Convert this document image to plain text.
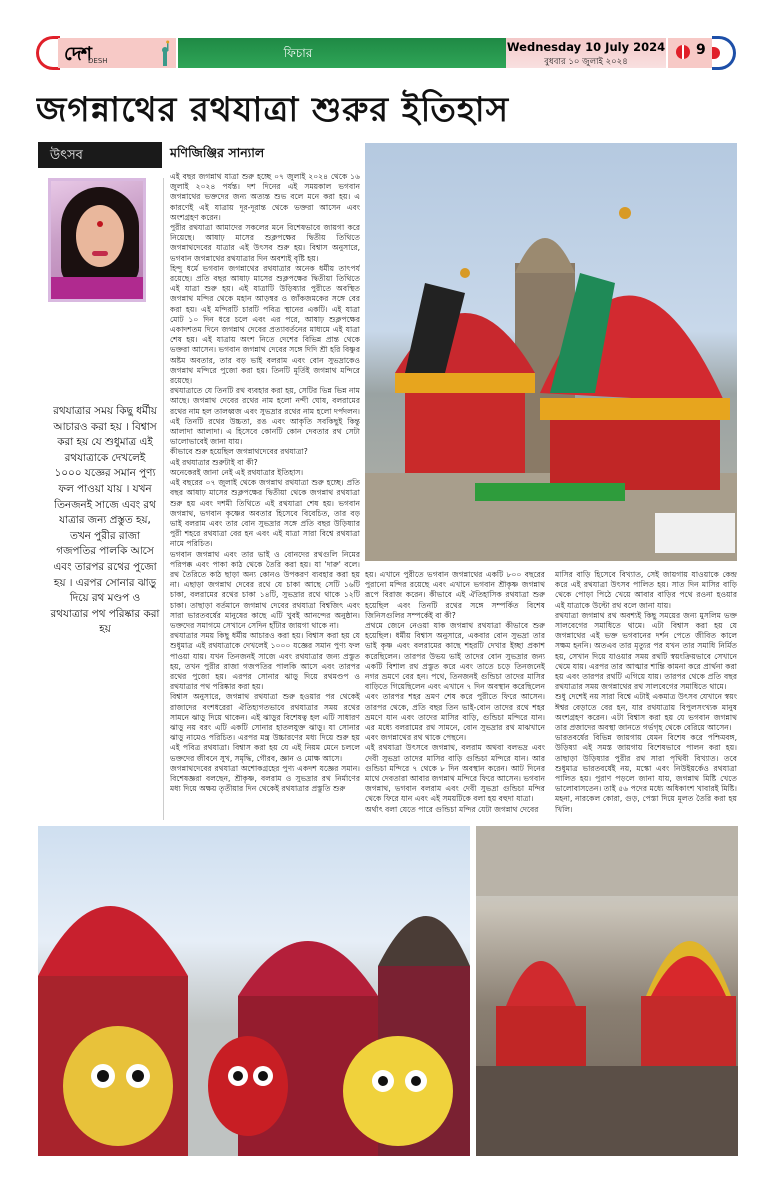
দেশ
DESH
ফিচার	Wednesday 10 July 2024
বুধবার ১০ জুলাই ২০২৪
9
জগন্নাথের রথযাত্রা শুরুর ইতিহাস
উৎসব	মণিজিঞ্জির সান্যাল
রথযাত্রার সময় কিছু ধর্মীয় আচারও করা হয় । বিশ্বাস করা হয় যে শুধুমাত্র এই রথযাত্রাকে দেখলেই ১০০০ যজ্ঞের সমান পুণ্য ফল পাওয়া যায় । যখন তিনজনই সাজে এবং রথ যাত্রার জন্য প্রস্তুত হয়, তখন পুরীর রাজা গজপতির পালকি আসে এবং তারপর রথের পুজো হয় । এরপর সোনার ঝাড়ু দিয়ে রথ মণ্ডপ ও রথযাত্রার পথ পরিষ্কার করা হয়

এই বছর জগন্নাথ যাত্রা শুরু হচ্ছে ০৭ জুলাই ২০২৪ থেকে ১৬ জুলাই ২০২৪ পর্যন্ত। দশ দিনের এই সময়কাল ভগবান জগন্নাথের ভক্তদের জন্য অত্যন্ত শুভ বলে মনে করা হয়। এ কারণেই এই যাত্রায় দূর-দূরান্ত থেকে ভক্তরা আসেন এবং অংশগ্রহণ করেন।

পুরীর রথযাত্রা আমাদের সকলের মনে বিশেষভাবে জায়গা করে নিয়েছে। আষাঢ় মাসের শুক্লপক্ষের দ্বিতীয় তিথিতে জগন্নাথদেবের যাত্রার এই উৎসব শুরু হয়। বিশ্বাস অনুসারে, ভগবান জগন্নাথের রথযাত্রার দিন অবশ্যই বৃষ্টি হয়।

হিন্দু ধর্মে ভগবান জগন্নাথের রথযাত্রার অনেক ধর্মীয় তাৎপর্য রয়েছে। প্রতি বছর আষাঢ় মাসের শুক্লপক্ষের দ্বিতীয়া তিথিতে এই যাত্রা শুরু হয়। এই যাত্রাটি উড়িষ্যার পুরীতে অবস্থিত জগন্নাথ মন্দির থেকে মহান আড়ম্বর ও জাঁকজমকের সঙ্গে বের করা হয়। এই মন্দিরটি চারটি পবিত্র স্থানের একটি। এই যাত্রা মোট ১০ দিন ধরে চলে এবং এর পরে, আষাঢ় শুক্লপক্ষের একাদশতম দিনে জগন্নাথ দেবের প্রত্যাবর্তনের মাধ্যমে এই যাত্রা শেষ হয়। এই যাত্রায় অংশ নিতে দেশের বিভিন্ন প্রান্ত থেকে ভক্তরা আসেন। ভগবান জগন্নাথ দেবের সঙ্গে দিদি শ্রী হরি বিষ্ণুর অষ্টম অবতার, তার বড় ভাই বলরাম এবং বোন সুভদ্রাকেও জগন্নাথ মন্দিরে পুজো করা হয়। তিনটি মূর্তিই জগন্নাথ মন্দিরে রয়েছে।

রথযাত্রাতে যে তিনটি রথ ব্যবহার করা হয়, সেটির ভিন্ন ভিন্ন নাম আছে। জগন্নাথ দেবের রথের নাম হলো নন্দী ঘোষ, বলরামের রথের নাম হল তালধ্বজ এবং সুভদ্রার রথের নাম হলো দর্পদলন। এই তিনটি রথের উচ্চতা, রঙ এবং আকৃতি সবকিছুই কিন্তু আলাদা আলাদা। এ হিসেবে কোনটি কোন দেবতার রথ সেটা ভালোভাবেই জানা যায়।

কীভাবে শুরু হয়েছিল জগন্নাথদেবের রথযাত্রা?

এই রথযাত্রার শুরুটাই বা কী?

অনেকেরই জানা নেই এই রথযাত্রার ইতিহাস।

এই বছরের ০৭ জুলাই থেকে জগন্নাথ রথযাত্রা শুরু হচ্ছে। প্রতি বছর আষাঢ় মাসের শুক্লপক্ষের দ্বিতীয়া থেকে জগন্নাথ রথযাত্রা শুরু হয় এবং দশমী তিথিতে এই রথযাত্রা শেষ হয়। ভগবান জগন্নাথ, ভগবান কৃষ্ণের অবতার হিসেবে বিবেচিত, তার বড় ভাই বলরাম এবং তার বোন সুভদ্রার সঙ্গে প্রতি বছর উড়িষ্যার পুরী শহরে রথযাত্রা বের হন এবং এই যাত্রা সারা বিশ্বে রথযাত্রা নামে পরিচিত।

ভগবান জগন্নাথ এবং তার ভাই ও বোনদের রথগুলি নিমের পরিপক্ক এবং পাকা কাঠ থেকে তৈরি করা হয়। যা 'দারু' বলে। রথ তৈরিতে কাঠ ছাড়া অন্য কোনও উপকরণ ব্যবহার করা হয় না। এছাড়া জগন্নাথ দেবের রথে যে চাকা আছে সেটি ১৬টি চাকা, বলরামের রথের চাকা ১৪টি, সুভদ্রার রথে থাকে ১২টি চাকা। তাছাড়া বর্তমানে জগন্নাথ দেবের রথযাত্রা বিশ্বজিৎ এবং সারা ভারতবর্ষের মানুষের কাছে এটি খুবই আনন্দের অনুষ্ঠান। ভক্তদের সমাগমে সেখানে সেদিন হাঁটার জায়গা থাকে না।

রথযাত্রার সময় কিছু ধর্মীয় আচারও করা হয়। বিশ্বাস করা হয় যে শুধুমাত্র এই রথযাত্রাকে দেখলেই ১০০০ যজ্ঞের সমান পুণ্য ফল পাওয়া যায়। যখন তিনজনই সাজে এবং রথযাত্রার জন্য প্রস্তুত হয়, তখন পুরীর রাজা গজপতির পালকি আসে এবং তারপর রথের পুজো হয়। এরপর সোনার ঝাড়ু দিয়ে রথমণ্ডপ ও রথযাত্রার পথ পরিষ্কার করা হয়।

বিশ্বাস অনুসারে, জগন্নাথ রথযাত্রা শুরু হওয়ার পর থেকেই রাজাদের বংশধরেরা ঐতিহ্যগতভাবে রথযাত্রার সময় রথের সামনে ঝাড়ু দিয়ে থাকেন। এই ঝাড়ুর বিশেষত্ব হল এটি সাধারণ ঝাড়ু নয় বরং এটি একটি সোনার হাতলযুক্ত ঝাড়ু। যা সোনার ঝাড়ু নামেও পরিচিত। এরপর মন্ত্র উচ্চারণের মধ্য দিয়ে শুরু হয় এই পবিত্র রথযাত্রা। বিশ্বাস করা হয় যে এই নিয়ম মেনে চললে ভক্তদের জীবনে সুখ, সমৃদ্ধি, গৌরব, জ্ঞান ও মোক্ষ আসে।

জগন্নাথদেবের রথযাত্রা অশোকগ্রহের পুণ্য একদশ যজ্ঞের সমান। বিশেষজ্ঞরা বলছেন, শ্রীকৃষ্ণ, বলরাম ও সুভদ্রার রথ নির্মাণের মধ্য দিয়ে অক্ষয় তৃতীয়ার দিন থেকেই রথযাত্রার প্রস্তুতি শুরু

হয়। এখানে পুরীতে ভগবান জগন্নাথের একটি ৮০০ বছরের পুরানো মন্দির রয়েছে এবং এখানে ভগবান শ্রীকৃষ্ণ জগন্নাথ রূপে বিরাজ করেন। কীভাবে এই ঐতিহাসিক রথযাত্রা শুরু হয়েছিল এবং তিনটি রথের সঙ্গে সম্পর্কিত বিশেষ জিনিসগুলির সম্পর্কেই বা কী?

প্রথমে জেনে নেওয়া যাক জগন্নাথ রথযাত্রা কীভাবে শুরু হয়েছিল। ধর্মীয় বিশ্বাস অনুসারে, একবার বোন সুভদ্রা তার ভাই কৃষ্ণ এবং বলরামের কাছে শহরটি দেখার ইচ্ছা প্রকাশ করেছিলেন। তারপর উভয় ভাই তাদের বোন সুভদ্রার জন্য একটি বিশাল রথ প্রস্তুত করে এবং তাতে চড়ে তিনজনেই নগর ভ্রমণে বের হন। পথে, তিনজনই গুন্ডিচা তাদের মাসির বাড়িতে গিয়েছিলেন এবং এখানে ৭ দিন অবস্থান করেছিলেন এবং তারপর শহর ভ্রমণ শেষ করে পুরীতে ফিরে আসেন। তারপর থেকে, প্রতি বছর তিন ভাই-বোন তাদের রথে শহর ভ্রমণে যান এবং তাদের মাসির বাড়ি, গুন্ডিচা মন্দিরে যান। এর মধ্যে বলরামের রথ সামনে, বোন সুভদ্রার রথ মাঝখানে এবং জগন্নাথের রথ থাকে পেছনে।

এই রথযাত্রা উৎসবে জগন্নাথ, বলরাম অথবা বলভদ্র এবং দেবী সুভদ্রা তাদের মাসির বাড়ি গুন্ডিচা মন্দিরে যান। আর গুন্ডিচা মন্দিরে ৭ থেকে ৮ দিন অবস্থান করেন। আট দিনের মাথে দেবতারা আবার জগন্নাথ মন্দিরে ফিরে আসেন। ভগবান জগন্নাথ, ভগবান বলরাম এবং দেবী সুভদ্রা গুন্ডিচা মন্দির থেকে ফিরে যান এবং এই সময়টিকে বলা হয় বহুদা যাত্রা।

অর্থাৎ বলা যেতে পারে গুন্ডিচা মন্দির যেটা জগন্নাথ দেবের

মাসির বাড়ি হিসেবে বিখ্যাত, সেই জায়গায় যাওয়াকে কেন্দ্র করে এই রথযাত্রা উৎসব পালিত হয়। সাত দিন মাসির বাড়ি থেকে পোড়া পিঠে খেয়ে আবার বাড়ির পথে রওনা হওয়ার এই যাত্রাকে উল্টো রথ বলে জানা যায়।

রথযাত্রা জগন্নাথ রথ অবশ্যই কিছু সময়ের জন্য মুসলিম ভক্ত সালবেগের সমাধিতে থামে। এটা বিশ্বাস করা হয় যে জগন্নাথের এই ভক্ত ভগবানের দর্শন পেতে জীবিত কালে সক্ষম হননি। অতএব তার মৃত্যুর পর যখন তার সমাধি নির্মিত হয়, সেখান দিয়ে যাওয়ার সময় রথটি স্বয়ংক্রিয়ভাবে সেখানে থেমে যায়। এরপর তার আত্মার শান্তি কামনা করে প্রার্থনা করা হয় এবং তারপর রথটি এগিয়ে যায়। তারপর থেকে প্রতি বছর রথযাত্রার সময় জগন্নাথের রথ সালবেগের সমাধিতে থামে।

শুধু দেশেই নয় সারা বিশ্বে এটাই একমাত্র উৎসব যেখানে স্বয়ং ঈশ্বর বেড়াতে বের হন, যার রথযাত্রায় বিপুলসংখ্যক মানুষ অংশগ্রহণ করেন। এটা বিশ্বাস করা হয় যে ভগবান জগন্নাথ তার প্রজাদের অবস্থা জানতে গর্ভগৃহ থেকে বেরিয়ে আসেন।

ভারতবর্ষের বিভিন্ন জায়গায় যেমন বিশেষ করে পশ্চিমবঙ্গ, উড়িষ্যা এই সমস্ত জায়গায় বিশেষভাবে পালন করা হয়। তাছাড়া উড়িষ্যার পুরীর রথ সারা পৃথিবী বিখ্যাত। তবে শুধুমাত্র ভারতবর্ষেই নয়, মস্কো এবং নিউইয়র্কেও রথযাত্রা পালিত হয়। পুরাণ পড়লে জানা যায়, জগন্নাথ মিষ্টি খেতে ভালোবাসতেন। তাই ৫৬ পদের মধ্যে অধিকাংশ খাবারই মিষ্টি। মহনা, নারকেল কোরা, গুড়, পেস্তা দিয়ে মূলত তৈরি করা হয় খিলি।
